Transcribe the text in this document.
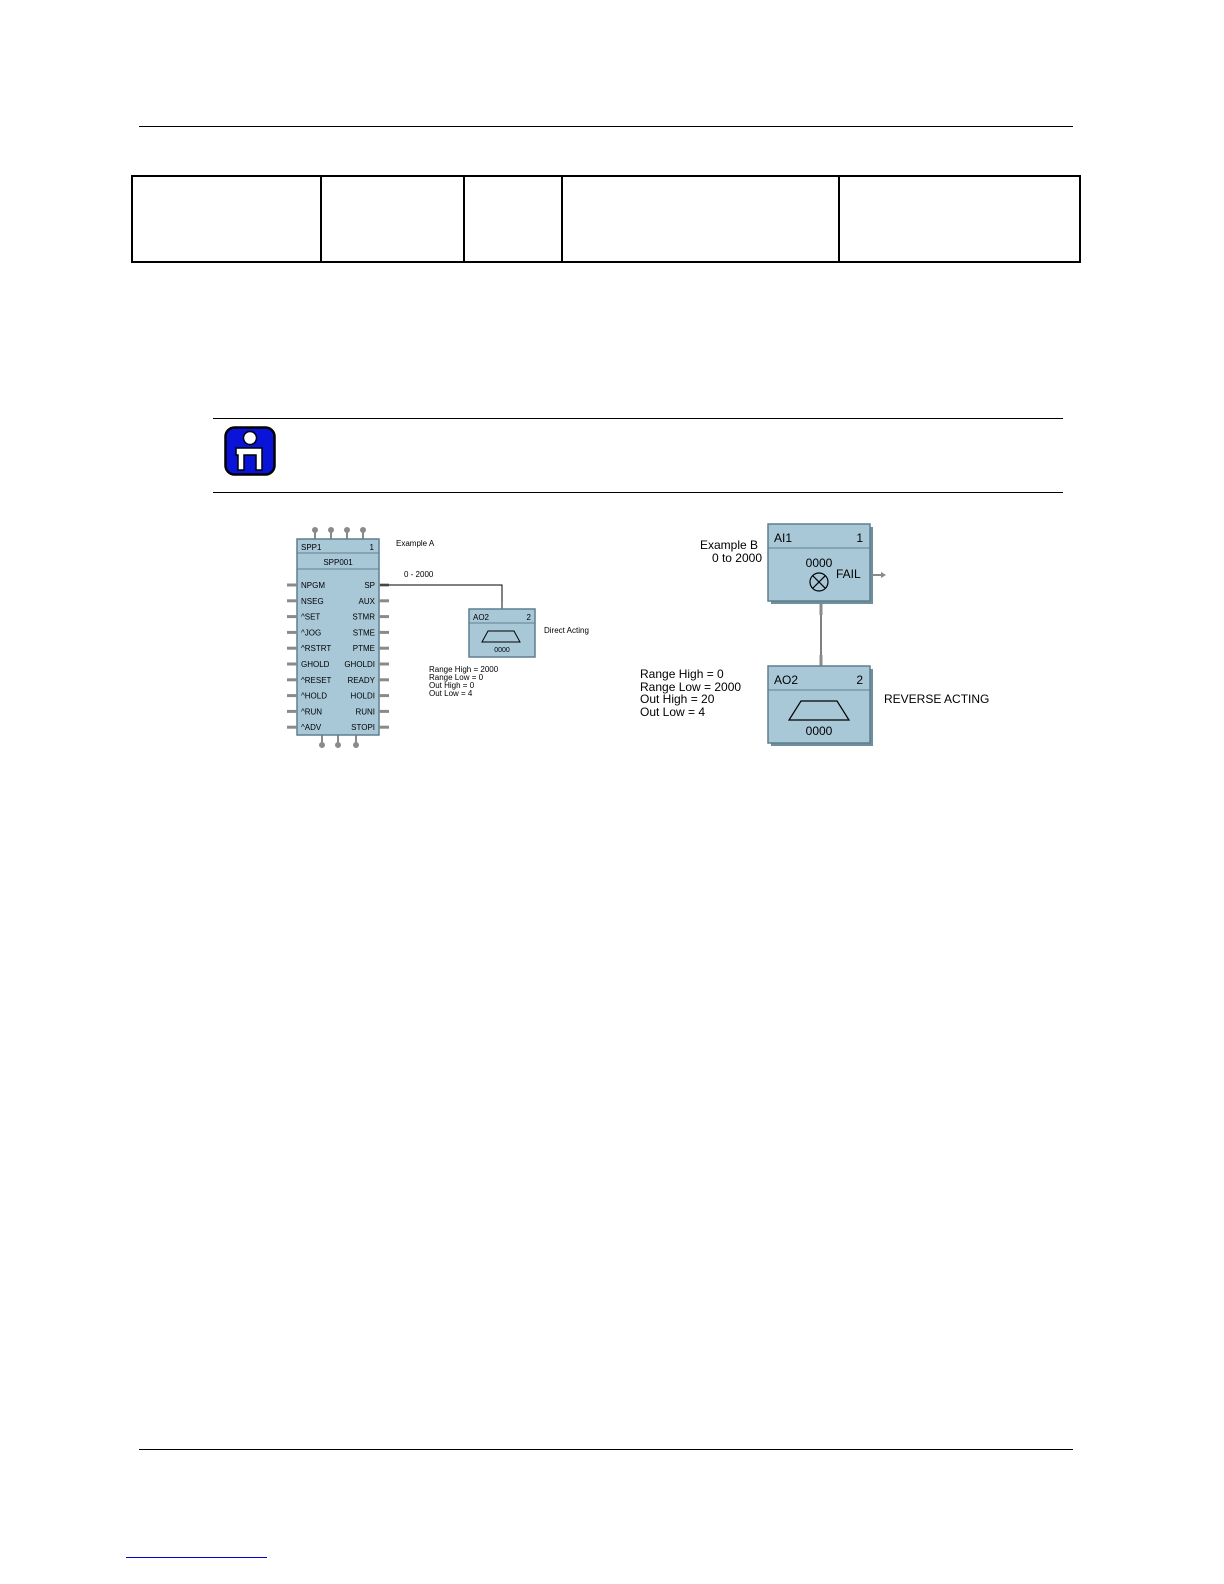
SPP1	1
SPP001
NPGM	SP
NSEG	AUX
^SET	STMR
^JOG	STME
^RSTRT	PTME
GHOLD GHOLDI
^RESET READY
^HOLD	HOLDI
^RUN	RUNI
^ADV	STOPI
Example A
0 - 2000
AO2	2
0000
Direct Acting
Range High = 2000
Range Low = 0
Out High = 0
Out Low = 4
Example B
0 to 2000
AI1	1
0000
FAIL
AO2	2
0000
REVERSE ACTING
Range High = 0
Range Low = 2000
Out High = 20
Out Low = 4
